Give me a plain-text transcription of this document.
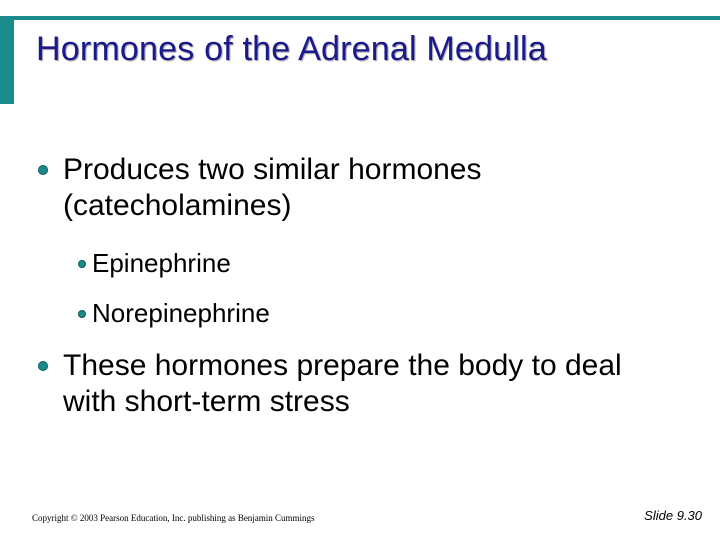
Hormones of the Adrenal Medulla
Produces two similar hormones (catecholamines)
Epinephrine
Norepinephrine
These hormones prepare the body to deal with short-term stress
Copyright © 2003 Pearson Education, Inc. publishing as Benjamin Cummings	Slide 9.30
